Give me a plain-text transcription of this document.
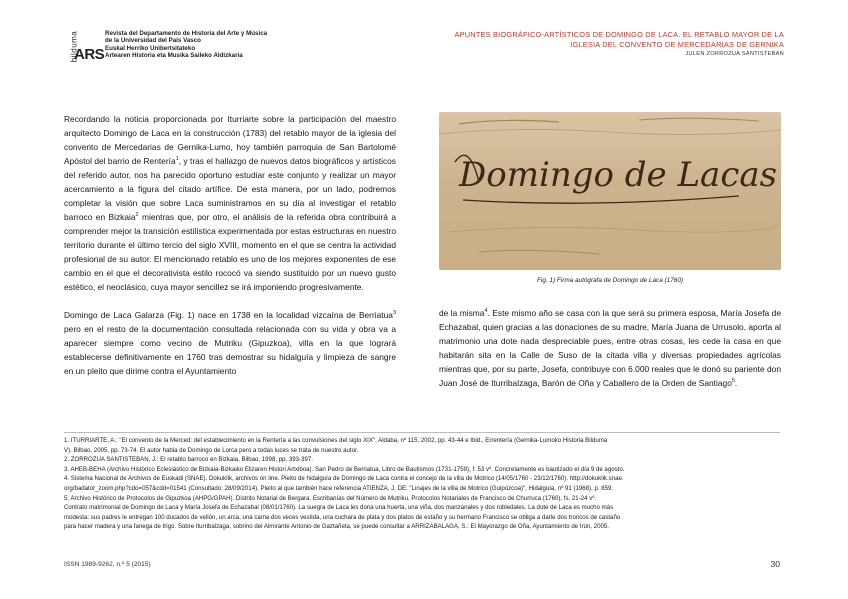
bilduma
ARS
Revista del Departamento de Historia del Arte y Música
de la Universidad del País Vasco
Euskal Herriko Unibertsitateko
Artearen Historia eta Musika Saileko Aldizkaria
APUNTES BIOGRÁFICO-ARTÍSTICOS DE DOMINGO DE LACA. EL RETABLO MAYOR DE LA
IGLESIA DEL CONVENTO DE MERCEDARIAS DE GERNIKA
JULEN ZORROZUA SANTISTEBAN

Recordando la noticia proporcionada por Iturriarte sobre la participación del maestro arquitecto Domingo de Laca en la construcción (1783) del retablo mayor de la iglesia del convento de Mercedarias de Gernika-Lumo, hoy también parroquia de San Bartolomé Apóstol del barrio de Rentería$^1$, y tras el hallazgo de nuevos datos biográficos y artísticos del referido autor, nos ha parecido oportuno estudiar este conjunto y realizar un mayor acercamiento a la figura del citado artífice. De esta manera, por un lado, podremos completar la visión que sobre Laca suministramos en su día al investigar el retablo barroco en Bizkaia$^2$ mientras que, por otro, el análisis de la referida obra contribuirá a comprender mejor la transición estilística experimentada por estas estructuras en nuestro territorio durante el último tercio del siglo XVIII, momento en el que se centra la actividad profesional de su autor. El mencionado retablo es uno de los mejores exponentes de ese cambio en el que el decorativista estilo rococó va siendo sustituido por un nuevo gusto estético, el neoclásico, cuya mayor sencillez se irá imponiendo progresivamente.

Domingo de Laca Galarza (Fig. 1) nace en 1738 en la localidad vizcaína de Berriatua$^3$ pero en el resto de la documentación consultada relacionada con su vida y obra va a aparecer siempre como vecino de Mutriku (Gipuzkoa), villa en la que logrará establecerse definitivamente en 1760 tras demostrar su hidalguía y limpieza de sangre en un pleito que dirime contra el Ayuntamiento

Domingo de Lacas
Fig. 1) Firma autógrafa de Domingo de Laca (1760)
de la misma$^4$. Este mismo año se casa con la que será su primera esposa, María Josefa de Echazabal, quien gracias a las donaciones de su madre, María Juana de Urrusolo, aporta al matrimonio una dote nada despreciable pues, entre otras cosas, les cede la casa en que habitarán sita en la Calle de Suso de la citada villa y diversas propiedades agrícolas mientras que, por su parte, Josefa, contribuye con 6.000 reales que le donó su pariente don Juan José de Iturribalzaga, Barón de Oña y Caballero de la Orden de Santiago$^5$.
1. ITURRIARTE, A.: "El convento de la Merced: del establecimiento en la Rentería a las convulsiones del siglo XIX", Aldaba, nº 115, 2002, pp. 43-44 e Ibid., Errentería (Gernika-Lumoko Historia Bilduma
V). Bilbao, 2005, pp. 73-74. El autor habla de Domingo de Lorca pero a todas luces se trata de nuestro autor.
2. ZORROZUA SANTISTEBAN, J.: El retablo barroco en Bizkaia, Bilbao, 1998, pp. 393-397.
3. AHEB-BEHA (Archivo Histórico Eclesiástico de Bizkaia-Bizkaiko Elizaren Histori Artxiboa). San Pedro de Berriatua, Libro de Bautismos (1731-1759), f. 53 vº. Concretamente es bautizado el día 9 de agosto.
4. Sistema Nacional de Archivos de Euskadi (SNAE). Dokuklik, archivos on line. Pleito de hidalguía de Domingo de Laca contra el concejo de la villa de Motrico (14/05/1760 - 23/12/1760). http://dokuklik.snae.
org/badator_zoom.php?cdo=057&cdd=01541 (Consultado: 28/09/2014). Pleito al que también hace referencia ATIENZA, J. DE: "Linajes de la villa de Motrico (Guipúzcoa)", Hidalguía, nº 91 (1968), p. 859.
5. Archivo Histórico de Protocolos de Gipuzkoa (AHPG/GPAH). Distrito Notarial de Bergara. Escribanías del Número de Mutriku. Protocolos Notariales de Francisco de Churruca (1760), fs. 21-24 vº.
Contrato matrimonial de Domingo de Laca y María Josefa de Echazabal (08/01/1760). La suegra de Laca les dona una huerta, una viña, dos manzanales y dos robledales. La dote de Laca es mucho más
modesta: sus padres le entregan 100 ducados de vellón, un arca, una cama dos veces vestida, una cuchara de plata y dos platos de estaño y su hermano Francisco se obliga a darle dos troncos de castaño
para hacer madera y una fanega de trigo. Sobre Iturribalzaga, sobrino del Almirante Antonio de Gaztañeta, se puede consultar a ARRIZABALAGA, S.: El Mayorazgo de Oña, Ayuntamiento de Irún, 2005.
ISSN 1989-9262, n.º 5 (2015)	30
